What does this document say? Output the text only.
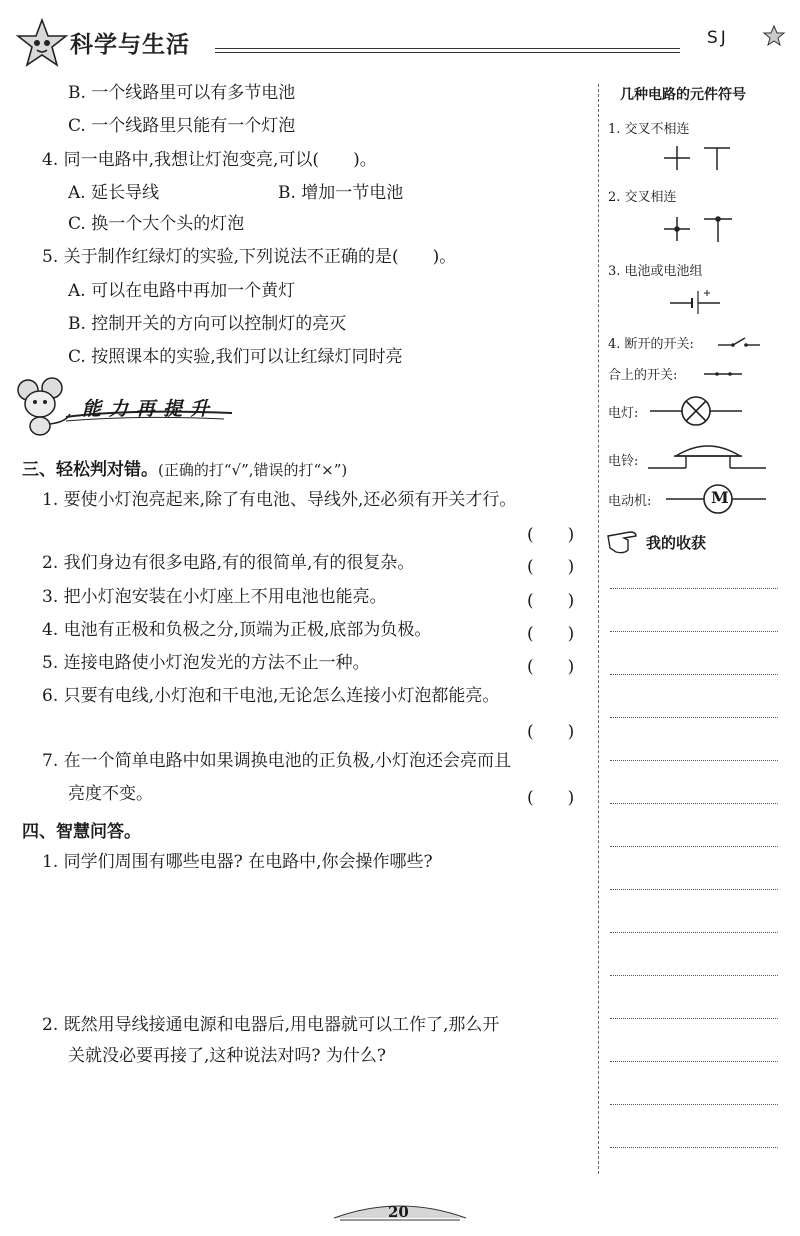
科学与生活	SJ
B. 一个线路里可以有多节电池
C. 一个线路里只能有一个灯泡
4. 同一电路中,我想让灯泡变亮,可以(　　)。
A. 延长导线	B. 增加一节电池
C. 换一个大个头的灯泡
5. 关于制作红绿灯的实验,下列说法不正确的是(　　)。
A. 可以在电路中再加一个黄灯
B. 控制开关的方向可以控制灯的亮灭
C. 按照课本的实验,我们可以让红绿灯同时亮
能力再提升
三、轻松判对错。(正确的打“√”,错误的打“×”)
1. 要使小灯泡亮起来,除了有电池、导线外,还必须有开关才行。
(　　)
2. 我们身边有很多电路,有的很简单,有的很复杂。	(　　)
3. 把小灯泡安装在小灯座上不用电池也能亮。	(　　)
4. 电池有正极和负极之分,顶端为正极,底部为负极。	(　　)
5. 连接电路使小灯泡发光的方法不止一种。	(　　)
6. 只要有电线,小灯泡和干电池,无论怎么连接小灯泡都能亮。
(　　)
7. 在一个简单电路中如果调换电池的正负极,小灯泡还会亮而且
亮度不变。	(　　)
四、智慧问答。
1. 同学们周围有哪些电器? 在电路中,你会操作哪些?
2. 既然用导线接通电源和电器后,用电器就可以工作了,那么开
关就没必要再接了,这种说法对吗? 为什么?
几种电路的元件符号
1. 交叉不相连
2. 交叉相连
3. 电池或电池组
4. 断开的开关:
合上的开关:
电灯:
电铃:
电动机:	M
我的收获
20
